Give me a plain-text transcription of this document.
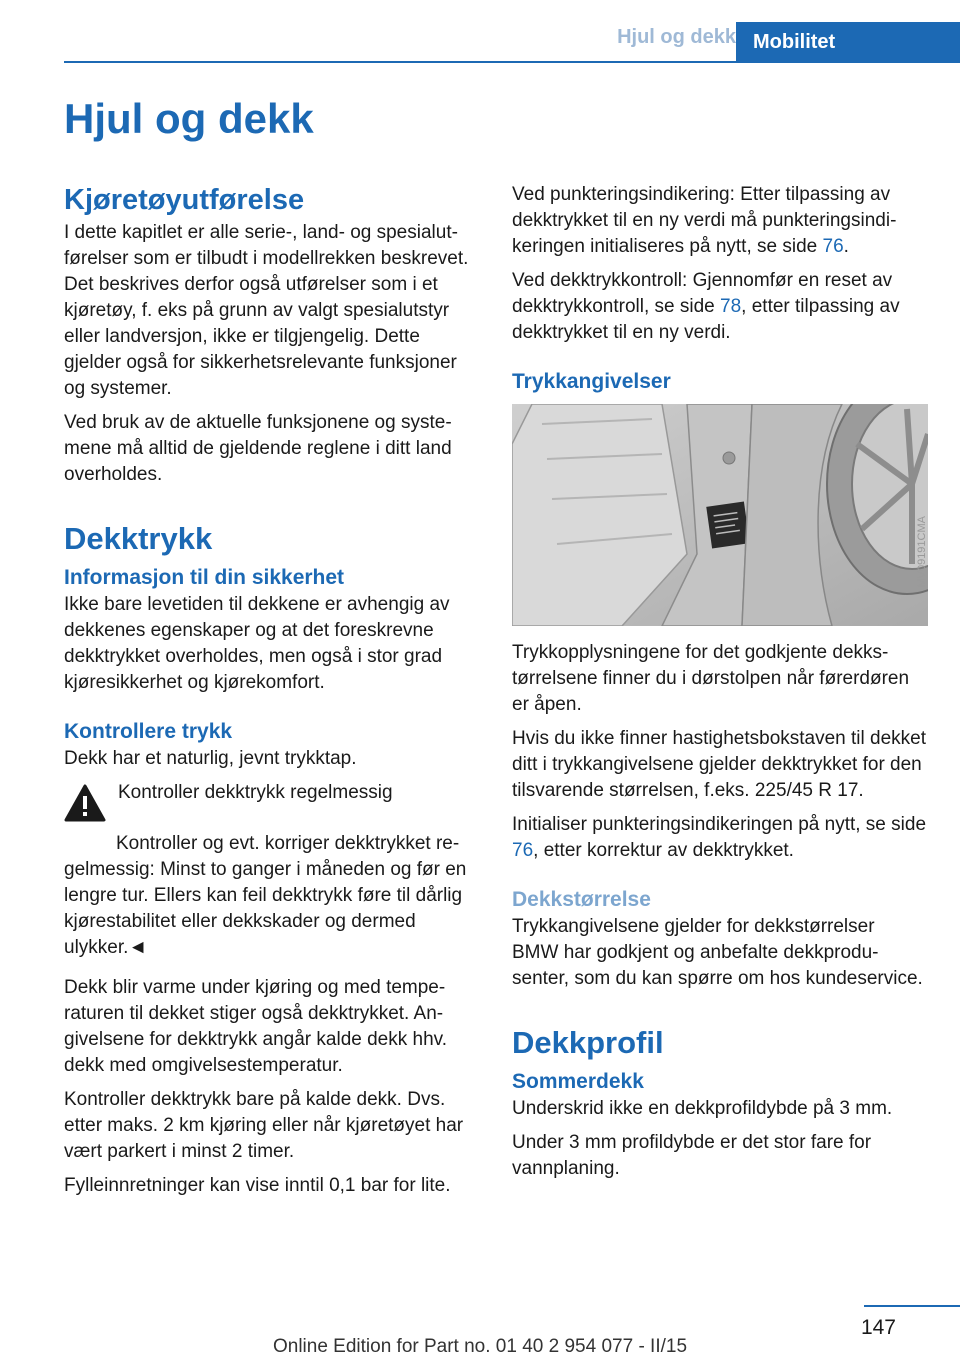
Hjul og dekk Mobilitet
Hjul og dekk
Kjøretøyutførelse

I dette kapitlet er alle serie-, land- og spesialutførelser som er tilbudt i modellrekken beskrevet. Det beskrives derfor også utførelser som i et kjøretøy, f. eks på grunn av valgt spesialutstyr eller landversjon, ikke er tilgjengelig. Dette gjelder også for sikkerhetsrelevante funksjoner og systemer.

Ved bruk av de aktuelle funksjonene og systemene må alltid de gjeldende reglene i ditt land overholdes.

Dekktrykk
Informasjon til din sikkerhet

Ikke bare levetiden til dekkene er avhengig av dekkenes egenskaper og at det foreskrevne dekktrykket overholdes, men også i stor grad kjøresikkerhet og kjørekomfort.

Kontrollere trykk

Dekk har et naturlig, jevnt trykktap.

Kontroller dekktrykk regelmessig

Kontroller og evt. korriger dekktrykket regelmessig: Minst to ganger i måneden og før en lengre tur. Ellers kan feil dekktrykk føre til dårlig kjørestabilitet eller dekkskader og dermed ulykker.◄

Dekk blir varme under kjøring og med temperaturen til dekket stiger også dekktrykket. Angivelsene for dekktrykk angår kalde dekk hhv. dekk med omgivelsestemperatur.

Kontroller dekktrykk bare på kalde dekk. Dvs. etter maks. 2 km kjøring eller når kjøretøyet har vært parkert i minst 2 timer.

Fylleinnretninger kan vise inntil 0,1 bar for lite.

Ved punkteringsindikering: Etter tilpassing av dekktrykket til en ny verdi må punkteringsindikeringen initialiseres på nytt, se side 76.

Ved dekktrykkontroll: Gjennomfør en reset av dekktrykkontroll, se side 78, etter tilpassing av dekktrykket til en ny verdi.

Trykkangivelser
MV09191CMA

Trykkopplysningene for det godkjente dekkstørrelsene finner du i dørstolpen når førerdøren er åpen.

Hvis du ikke finner hastighetsbokstaven til dekket ditt i trykkangivelsene gjelder dekktrykket for den tilsvarende størrelsen, f.eks. 225/45 R 17.

Initialiser punkteringsindikeringen på nytt, se side 76, etter korrektur av dekktrykket.

Dekkstørrelse

Trykkangivelsene gjelder for dekkstørrelser BMW har godkjent og anbefalte dekkprodusenter, som du kan spørre om hos kundeservice.

Dekkprofil
Sommerdekk

Underskrid ikke en dekkprofildybde på 3 mm.

Under 3 mm profildybde er det stor fare for vannplaning.

147
Online Edition for Part no. 01 40 2 954 077 - II/15
